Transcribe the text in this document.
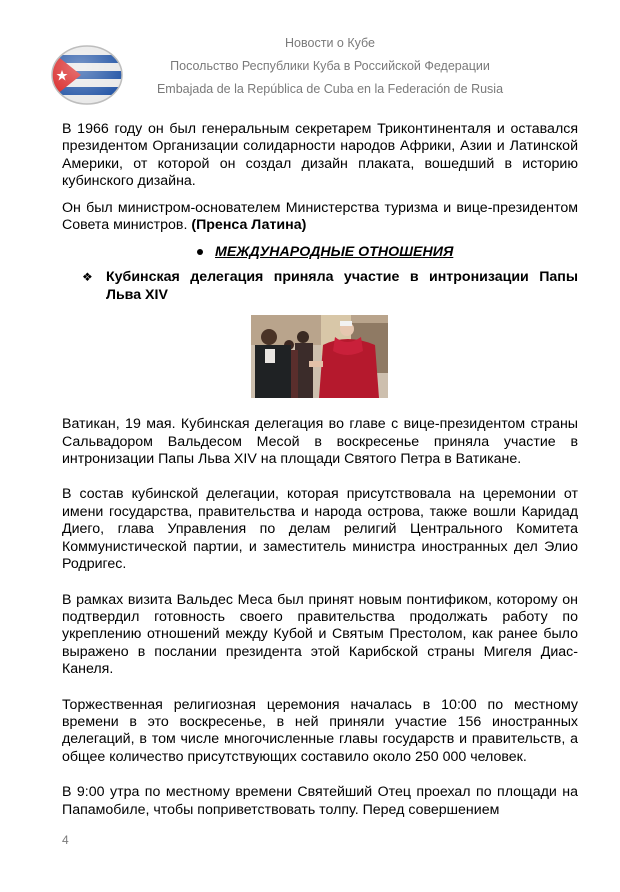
Новости о Кубе
Посольство Республики Куба в Российской Федерации
Embajada de la República de Cuba en la Federación de Rusia

В 1966 году он был генеральным секретарем Триконтиненталя и оставался президентом Организации солидарности народов Африки, Азии и Латинской Америки, от которой он создал дизайн плаката, вошедший в историю кубинского дизайна.

Он был министром-основателем Министерства туризма и вице-президентом Совета министров. (Пренса Латина)

МЕЖДУНАРОДНЫЕ ОТНОШЕНИЯ
❖ Кубинская делегация приняла участие в интронизации Папы Льва XIV

Ватикан, 19 мая. Кубинская делегация во главе с вице-президентом страны Сальвадором Вальдесом Месой в воскресенье приняла участие в интронизации Папы Льва XIV на площади Святого Петра в Ватикане.

В состав кубинской делегации, которая присутствовала на церемонии от имени государства, правительства и народа острова, также вошли Каридад Диего, глава Управления по делам религий Центрального Комитета Коммунистической партии, и заместитель министра иностранных дел Элио Родригес.

В рамках визита Вальдес Меса был принят новым понтификом, которому он подтвердил готовность своего правительства продолжать работу по укреплению отношений между Кубой и Святым Престолом, как ранее было выражено в послании президента этой Карибской страны Мигеля Диас-Канеля.

Торжественная религиозная церемония началась в 10:00 по местному времени в это воскресенье, в ней приняли участие 156 иностранных делегаций, в том числе многочисленные главы государств и правительств, а общее количество присутствующих составило около 250 000 человек.

В 9:00 утра по местному времени Святейший Отец проехал по площади на Папамобиле, чтобы поприветствовать толпу. Перед совершением

4
